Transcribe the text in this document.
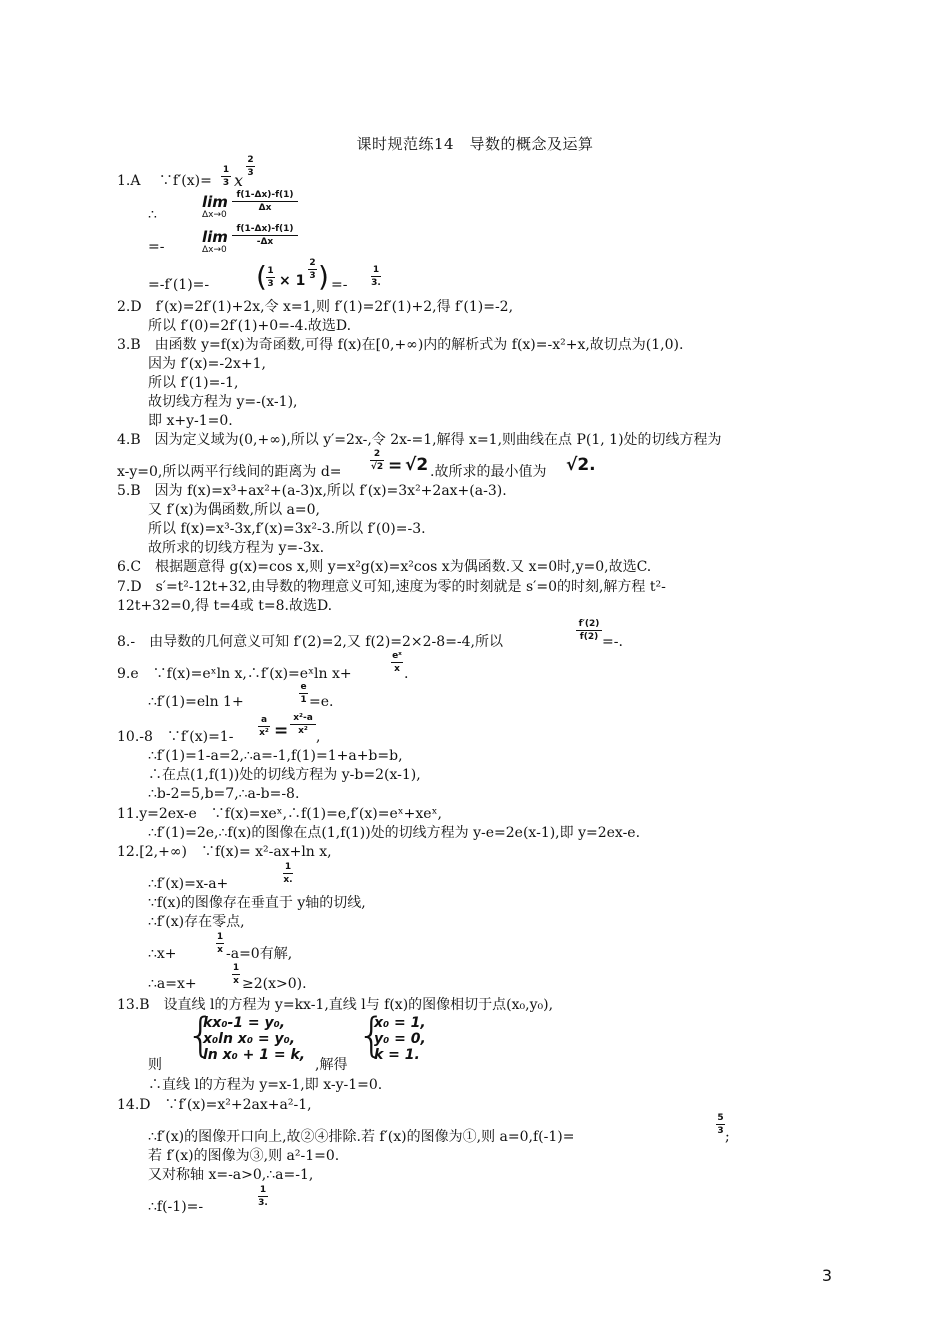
课时规范练14　导数的概念及运算
1.A　 ∵f′(x)=
1
3 x
2
3
∴
lim
Δx→0
f(1-Δx)-f(1)
Δx
=-
lim
Δx→0
f(1-Δx)-f(1)
-Δx
=-f′(1)=- ( 1
3 × 1
2
3 ) =-
1
3.
2.D　f′(x)=2f′(1)+2x,令 x=1,则 f′(1)=2f′(1)+2,得 f′(1)=-2,
所以 f′(0)=2f′(1)+0=-4.故选D.
3.B　由函数 y=f(x)为奇函数,可得 f(x)在[0,+∞)内的解析式为 f(x)=-x²+x,故切点为(1,0).
因为 f′(x)=-2x+1,
所以 f′(1)=-1,
故切线方程为 y=-(x-1),
即 x+y-1=0.
4.B　因为定义域为(0,+∞),所以 y′=2x-,令 2x-=1,解得 x=1,则曲线在点 P(1, 1)处的切线方程为
x-y=0,所以两平行线间的距离为 d=
2
√2 = √2 .故所求的最小值为 √2.
5.B　因为 f(x)=x³+ax²+(a-3)x,所以 f′(x)=3x²+2ax+(a-3).
又 f′(x)为偶函数,所以 a=0,
所以 f(x)=x³-3x,f′(x)=3x²-3.所以 f′(0)=-3.
故所求的切线方程为 y=-3x.
6.C　根据题意得 g(x)=cos x,则 y=x²g(x)=x²cos x为偶函数.又 x=0时,y=0,故选C.
7.D　s′=t²-12t+32,由导数的物理意义可知,速度为零的时刻就是 s′=0的时刻,解方程 t²-
12t+32=0,得 t=4或 t=8.故选D.
8.-　由导数的几何意义可知 f′(2)=2,又 f(2)=2×2-8=-4,所以
f′(2)
f(2) =-.
9.e　∵f(x)=eˣln x,∴f′(x)=eˣln x+
eˣ
x .
∴f′(1)=eln 1+
e
1 =e.
10.-8　∵f′(x)=1-
a
x² =
x²-a
x² ,
∴f′(1)=1-a=2,∴a=-1,f(1)=1+a+b=b,
∴在点(1,f(1))处的切线方程为 y-b=2(x-1),
∴b-2=5,b=7,∴a-b=-8.
11.y=2ex-e　∵f(x)=xeˣ,∴f(1)=e,f′(x)=eˣ+xeˣ,
∴f′(1)=2e,∴f(x)的图像在点(1,f(1))处的切线方程为 y-e=2e(x-1),即 y=2ex-e.
12.[2,+∞)　∵f(x)= x²-ax+ln x,
∴f′(x)=x-a+
1
x.
∵f(x)的图像存在垂直于 y轴的切线,
∴f′(x)存在零点,
∴x+
1
x -a=0有解,
∴a=x+
1
x ≥2(x>0).
13.B　设直线 l的方程为 y=kx-1,直线 l与 f(x)的图像相切于点(x₀,y₀),
则
{
kx₀-1 = y₀,
x₀ln x₀ = y₀,
ln x₀ + 1 = k,
,解得
{
x₀ = 1,
y₀ = 0,
k = 1.
∴直线 l的方程为 y=x-1,即 x-y-1=0.
14.D　∵f′(x)=x²+2ax+a²-1,
∴f′(x)的图像开口向上,故②④排除.若 f′(x)的图像为①,则 a=0,f(-1)=
5
3 ;
若 f′(x)的图像为③,则 a²-1=0.
又对称轴 x=-a>0,∴a=-1,
∴f(-1)=-
1
3.
3
